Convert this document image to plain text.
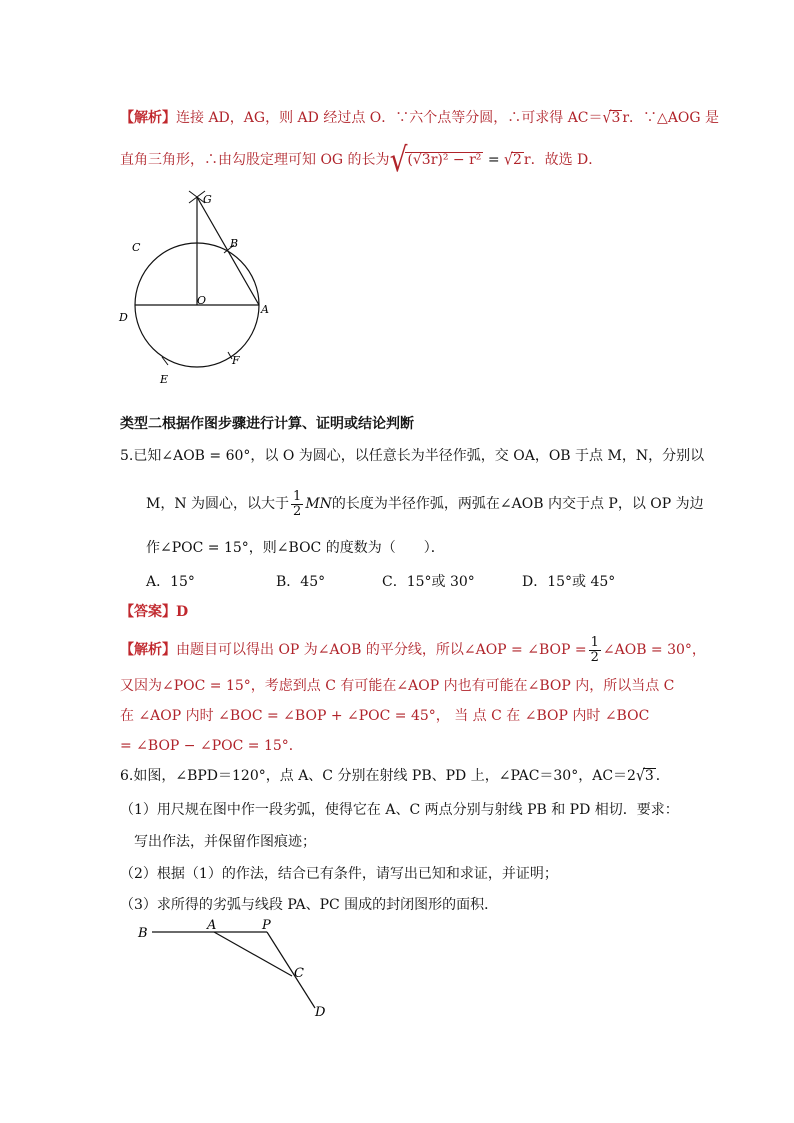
【解析】连接 AD，AG，则 AD 经过点 O．∵六个点等分圆，∴可求得 AC＝√3 r．∵△AOG 是
直角三角形，∴由勾股定理可知 OG 的长为√(√3r)² − r² = √2 r．故选 D．
G
C	B
O
D
A
E
F
类型二根据作图步骤进行计算、证明或结论判断
5.已知∠AOB = 60°，以 O 为圆心，以任意长为半径作弧，交 OA，OB 于点 M，N，分别以
M，N 为圆心，以大于 $\frac{1}{2}$ MN的长度为半径作弧，两弧在∠AOB 内交于点 P，以 OP 为边
作∠POC = 15°，则∠BOC 的度数为（　　）．
A．15°	B．45°	C．15°或 30°	D．15°或 45°
【答案】D
【解析】由题目可以得出 OP 为∠AOB 的平分线，所以∠AOP = ∠BOP = $\frac{1}{2}$ ∠AOB = 30°，
又因为∠POC = 15°，考虑到点 C 有可能在∠AOP 内也有可能在∠BOP 内，所以当点 C
在 ∠AOP 内时 ∠BOC = ∠BOP + ∠POC = 45°， 当 点 C 在 ∠BOP 内时 ∠BOC
= ∠BOP − ∠POC = 15°．
6.如图，∠BPD＝120°，点 A、C 分别在射线 PB、PD 上，∠PAC＝30°，AC＝2√3 ．
（1）用尺规在图中作一段劣弧，使得它在 A、C 两点分别与射线 PB 和 PD 相切．要求：
写出作法，并保留作图痕迹；
（2）根据（1）的作法，结合已有条件，请写出已知和求证，并证明；
（3）求所得的劣弧与线段 PA、PC 围成的封闭图形的面积．
B
A	P
C
D
